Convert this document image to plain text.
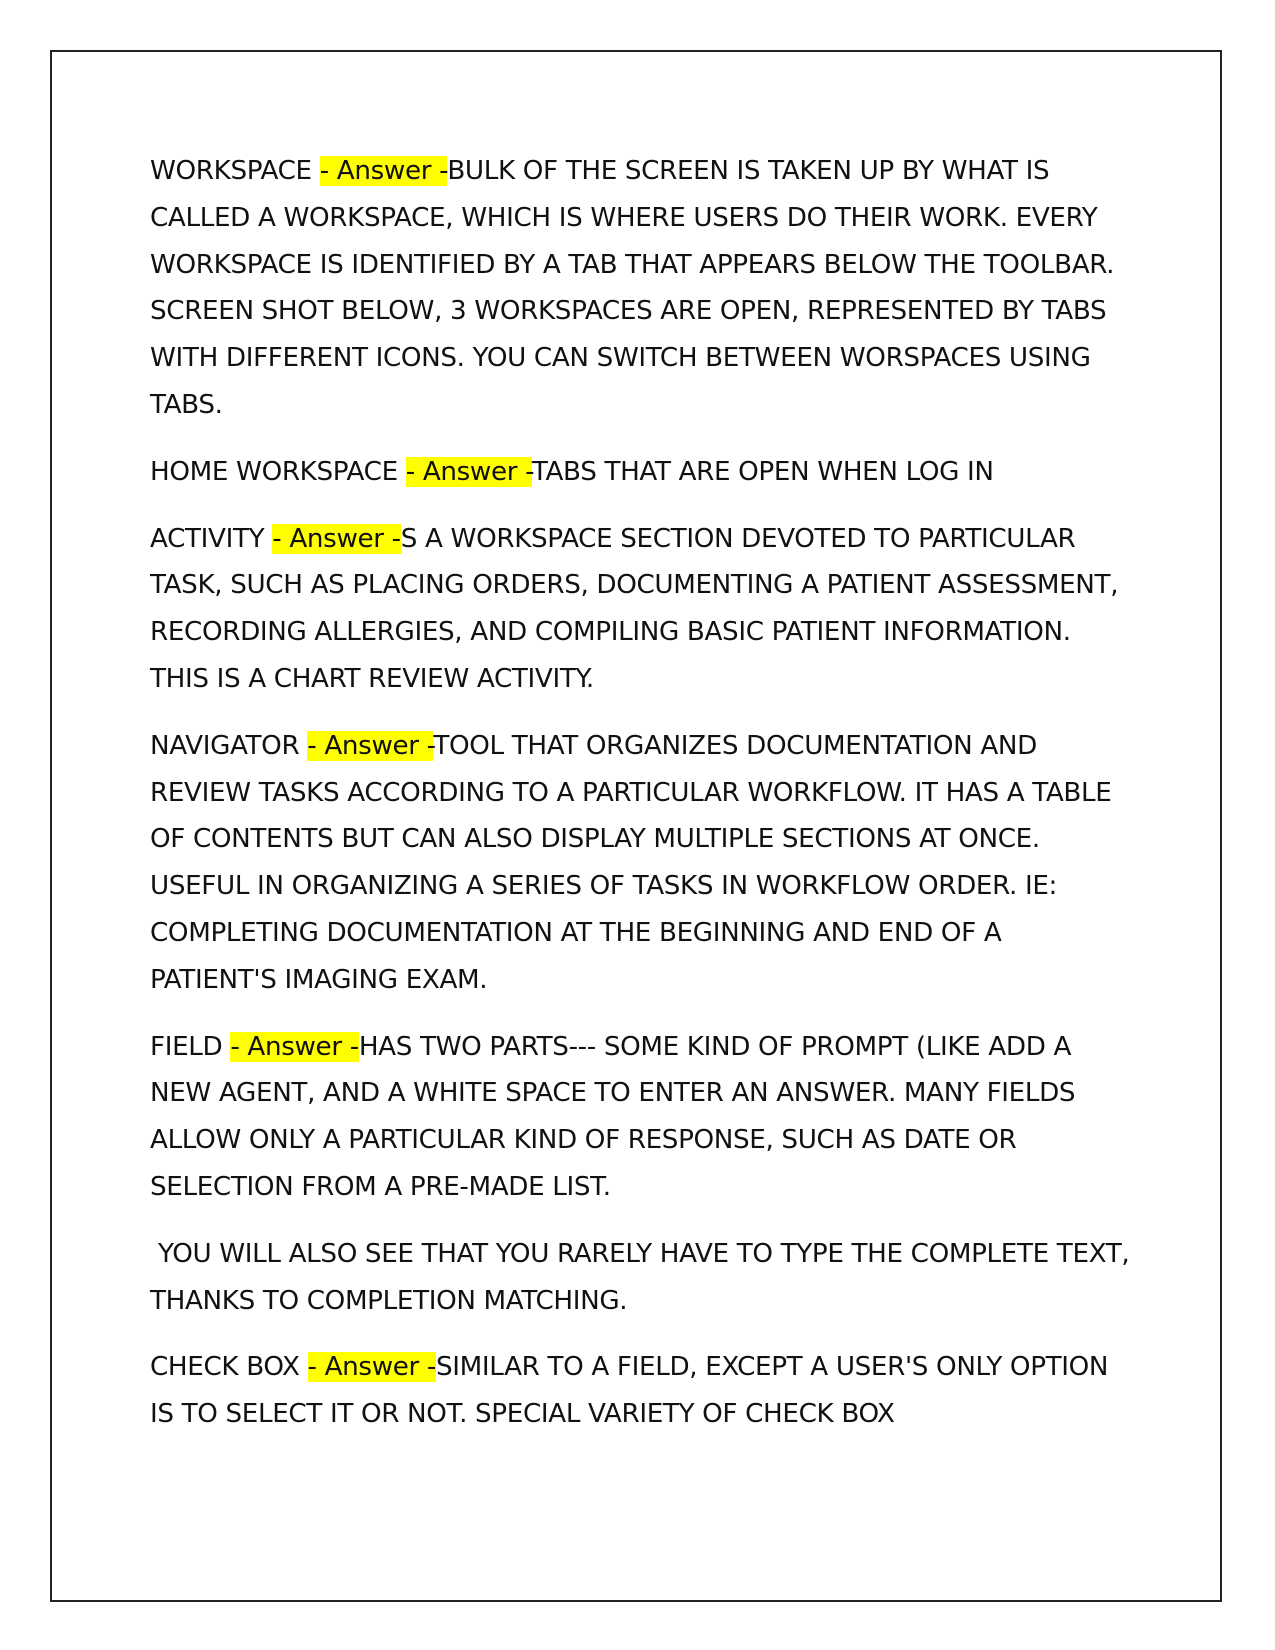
WORKSPACE - Answer -BULK OF THE SCREEN IS TAKEN UP BY WHAT IS CALLED A WORKSPACE, WHICH IS WHERE USERS DO THEIR WORK. EVERY WORKSPACE IS IDENTIFIED BY A TAB THAT APPEARS BELOW THE TOOLBAR. SCREEN SHOT BELOW, 3 WORKSPACES ARE OPEN, REPRESENTED BY TABS WITH DIFFERENT ICONS. YOU CAN SWITCH BETWEEN WORSPACES USING TABS.

HOME WORKSPACE - Answer -TABS THAT ARE OPEN WHEN LOG IN

ACTIVITY - Answer -S A WORKSPACE SECTION DEVOTED TO PARTICULAR TASK, SUCH AS PLACING ORDERS, DOCUMENTING A PATIENT ASSESSMENT, RECORDING ALLERGIES, AND COMPILING BASIC PATIENT INFORMATION. THIS IS A CHART REVIEW ACTIVITY.

NAVIGATOR - Answer -TOOL THAT ORGANIZES DOCUMENTATION AND REVIEW TASKS ACCORDING TO A PARTICULAR WORKFLOW. IT HAS A TABLE OF CONTENTS BUT CAN ALSO DISPLAY MULTIPLE SECTIONS AT ONCE. USEFUL IN ORGANIZING A SERIES OF TASKS IN WORKFLOW ORDER. IE: COMPLETING DOCUMENTATION AT THE BEGINNING AND END OF A PATIENT'S IMAGING EXAM.

FIELD - Answer -HAS TWO PARTS--- SOME KIND OF PROMPT (LIKE ADD A NEW AGENT, AND A WHITE SPACE TO ENTER AN ANSWER. MANY FIELDS ALLOW ONLY A PARTICULAR KIND OF RESPONSE, SUCH AS DATE OR SELECTION FROM A PRE-MADE LIST.

YOU WILL ALSO SEE THAT YOU RARELY HAVE TO TYPE THE COMPLETE TEXT, THANKS TO COMPLETION MATCHING.

CHECK BOX - Answer -SIMILAR TO A FIELD, EXCEPT A USER'S ONLY OPTION IS TO SELECT IT OR NOT. SPECIAL VARIETY OF CHECK BOX
